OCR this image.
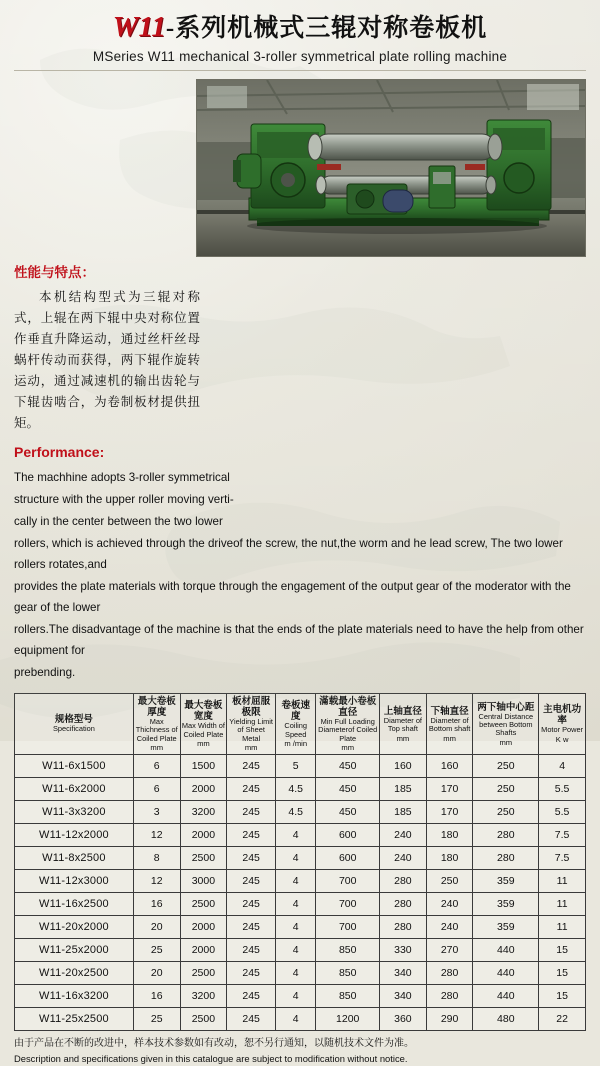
W11-系列机械式三辊对称卷板机
MSeries W11 mechanical 3-roller symmetrical plate rolling machine
性能与特点：
本机结构型式为三辊对称式，上辊在两下辊中央对称位置作垂直升降运动，通过丝杆丝母蜗杆传动而获得，两下辊作旋转运动，通过减速机的输出齿轮与下辊齿啮合，为卷制板材提供扭矩。
Performance:

The machhine adopts 3-roller symmetrical

structure with the upper roller moving verti-

cally in the center between the two lower

rollers, which is achieved through the driveof the screw, the nut,the worm and he lead screw, The two lower rollers rotates,and

provides the plate materials with torque through the engagement of the output gear of the moderator with the gear of the lower

rollers.The disadvantage of the machine is that the ends of the plate materials need to have the help from other equipment for

prebending.

规格型号
Specification	最大卷板厚度
Max Thichness of Coiled Plate
mm	最大卷板宽度
Max Width of Coiled Plate
mm	板材屈服极限
Yielding Limit of Sheet Metal
mm	卷板速度
Coiling Speed
m /min	滿载最小卷板直径
Min Full Loading Diameterof Coiled Plate
mm	上轴直径
Diameter of Top shaft
mm	下轴直径
Diameter of Bottom shaft
mm	两下轴中心距
Central Distance between Bottom Shafts
mm	主电机功率
Motor Power
K w

W11-6x1500	6	1500	245	5	450	160	160	250	4
W11-6x2000	6	2000	245	4.5	450	185	170	250	5.5
W11-3x3200	3	3200	245	4.5	450	185	170	250	5.5
W11-12x2000	12	2000	245	4	600	240	180	280	7.5
W11-8x2500	8	2500	245	4	600	240	180	280	7.5
W11-12x3000	12	3000	245	4	700	280	250	359	11
W11-16x2500	16	2500	245	4	700	280	240	359	11
W11-20x2000	20	2000	245	4	700	280	240	359	11
W11-25x2000	25	2000	245	4	850	330	270	440	15
W11-20x2500	20	2500	245	4	850	340	280	440	15
W11-16x3200	16	3200	245	4	850	340	280	440	15
W11-25x2500	25	2500	245	4	1200	360	290	480	22
由于产品在不断的改进中，样本技术参数如有改动，恕不另行通知，以随机技术文件为准。
Description and specifications given in this catalogue are subject to modification without notice.
